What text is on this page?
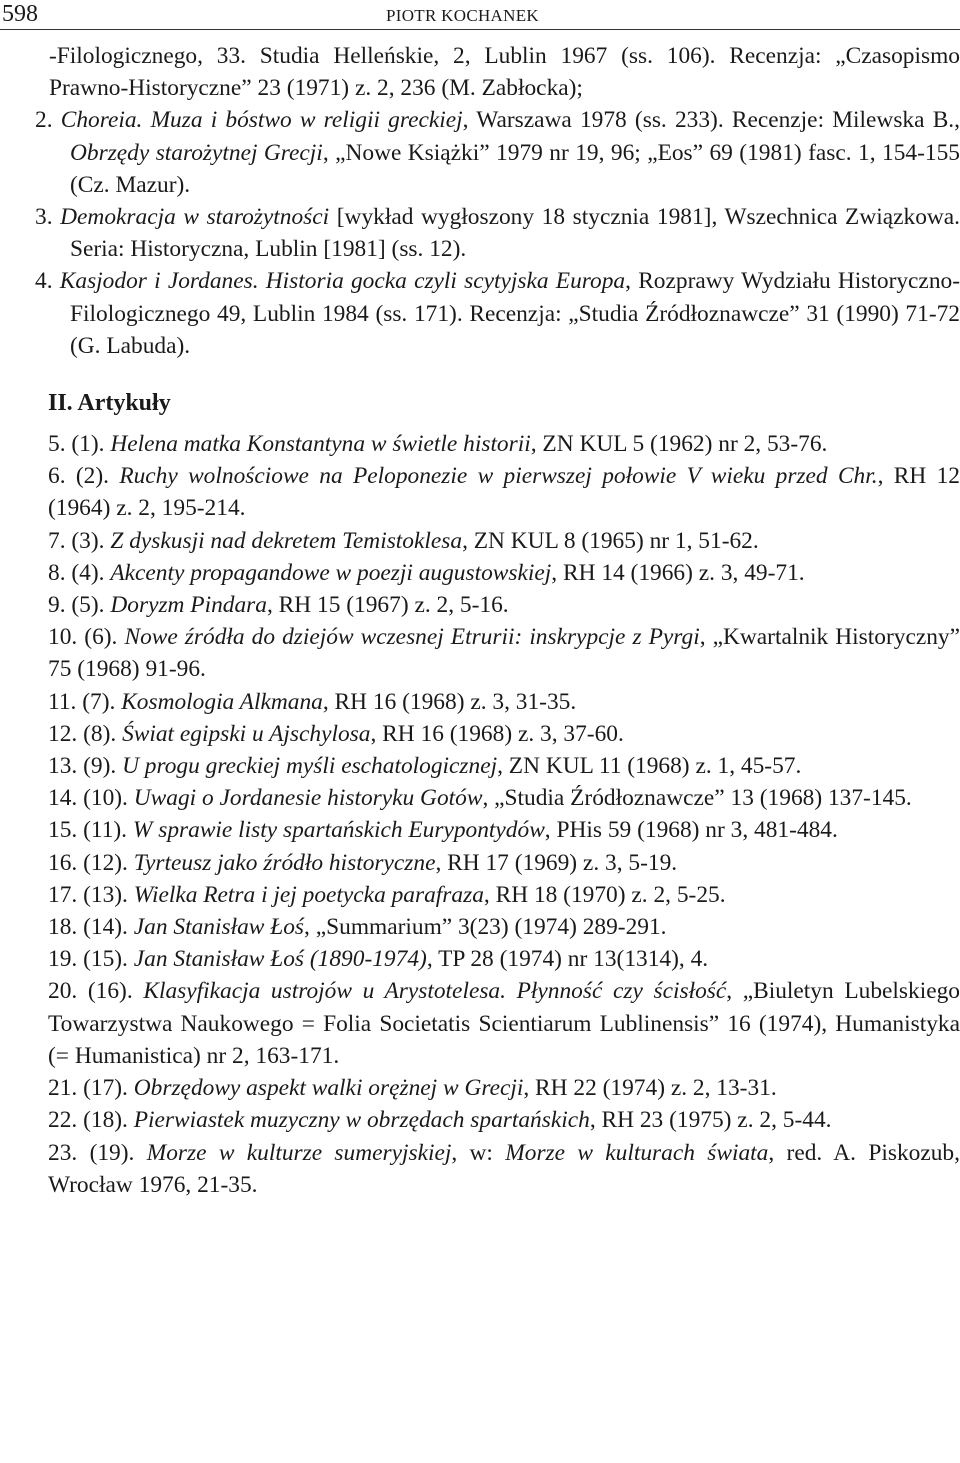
598	PIOTR KOCHANEK

-Filologicznego, 33. Studia Helleńskie, 2, Lublin 1967 (ss. 106). Recenzja: „Czasopismo Prawno-Historyczne” 23 (1971) z. 2, 236 (M. Zabłocka);

2. Choreia. Muza i bóstwo w religii greckiej, Warszawa 1978 (ss. 233). Recenzje: Milewska B., Obrzędy starożytnej Grecji, „Nowe Książki” 1979 nr 19, 96; „Eos” 69 (1981) fasc. 1, 154-155 (Cz. Mazur).

3. Demokracja w starożytności [wykład wygłoszony 18 stycznia 1981], Wszechnica Związkowa. Seria: Historyczna, Lublin [1981] (ss. 12).

4. Kasjodor i Jordanes. Historia gocka czyli scytyjska Europa, Rozprawy Wydziału Historyczno-Filologicznego 49, Lublin 1984 (ss. 171). Recenzja: „Studia Źródłoznawcze” 31 (1990) 71-72 (G. Labuda).

II. Artykuły

5. (1). Helena matka Konstantyna w świetle historii, ZN KUL 5 (1962) nr 2, 53-76.

6. (2). Ruchy wolnościowe na Peloponezie w pierwszej połowie V wieku przed Chr., RH 12 (1964) z. 2, 195-214.

7. (3). Z dyskusji nad dekretem Temistoklesa, ZN KUL 8 (1965) nr 1, 51-62.

8. (4). Akcenty propagandowe w poezji augustowskiej, RH 14 (1966) z. 3, 49-71.

9. (5). Doryzm Pindara, RH 15 (1967) z. 2, 5-16.

10. (6). Nowe źródła do dziejów wczesnej Etrurii: inskrypcje z Pyrgi, „Kwartalnik Historyczny” 75 (1968) 91-96.

11. (7). Kosmologia Alkmana, RH 16 (1968) z. 3, 31-35.

12. (8). Świat egipski u Ajschylosa, RH 16 (1968) z. 3, 37-60.

13. (9). U progu greckiej myśli eschatologicznej, ZN KUL 11 (1968) z. 1, 45-57.

14. (10). Uwagi o Jordanesie historyku Gotów, „Studia Źródłoznawcze” 13 (1968) 137-145.

15. (11). W sprawie listy spartańskich Eurypontydów, PHis 59 (1968) nr 3, 481-484.

16. (12). Tyrteusz jako źródło historyczne, RH 17 (1969) z. 3, 5-19.

17. (13). Wielka Retra i jej poetycka parafraza, RH 18 (1970) z. 2, 5-25.

18. (14). Jan Stanisław Łoś, „Summarium” 3(23) (1974) 289-291.

19. (15). Jan Stanisław Łoś (1890-1974), TP 28 (1974) nr 13(1314), 4.

20. (16). Klasyfikacja ustrojów u Arystotelesa. Płynność czy ścisłość, „Biuletyn Lubelskiego Towarzystwa Naukowego = Folia Societatis Scientiarum Lublinensis” 16 (1974), Humanistyka (= Humanistica) nr 2, 163-171.

21. (17). Obrzędowy aspekt walki orężnej w Grecji, RH 22 (1974) z. 2, 13-31.

22. (18). Pierwiastek muzyczny w obrzędach spartańskich, RH 23 (1975) z. 2, 5-44.

23. (19). Morze w kulturze sumeryjskiej, w: Morze w kulturach świata, red. A. Piskozub, Wrocław 1976, 21-35.
